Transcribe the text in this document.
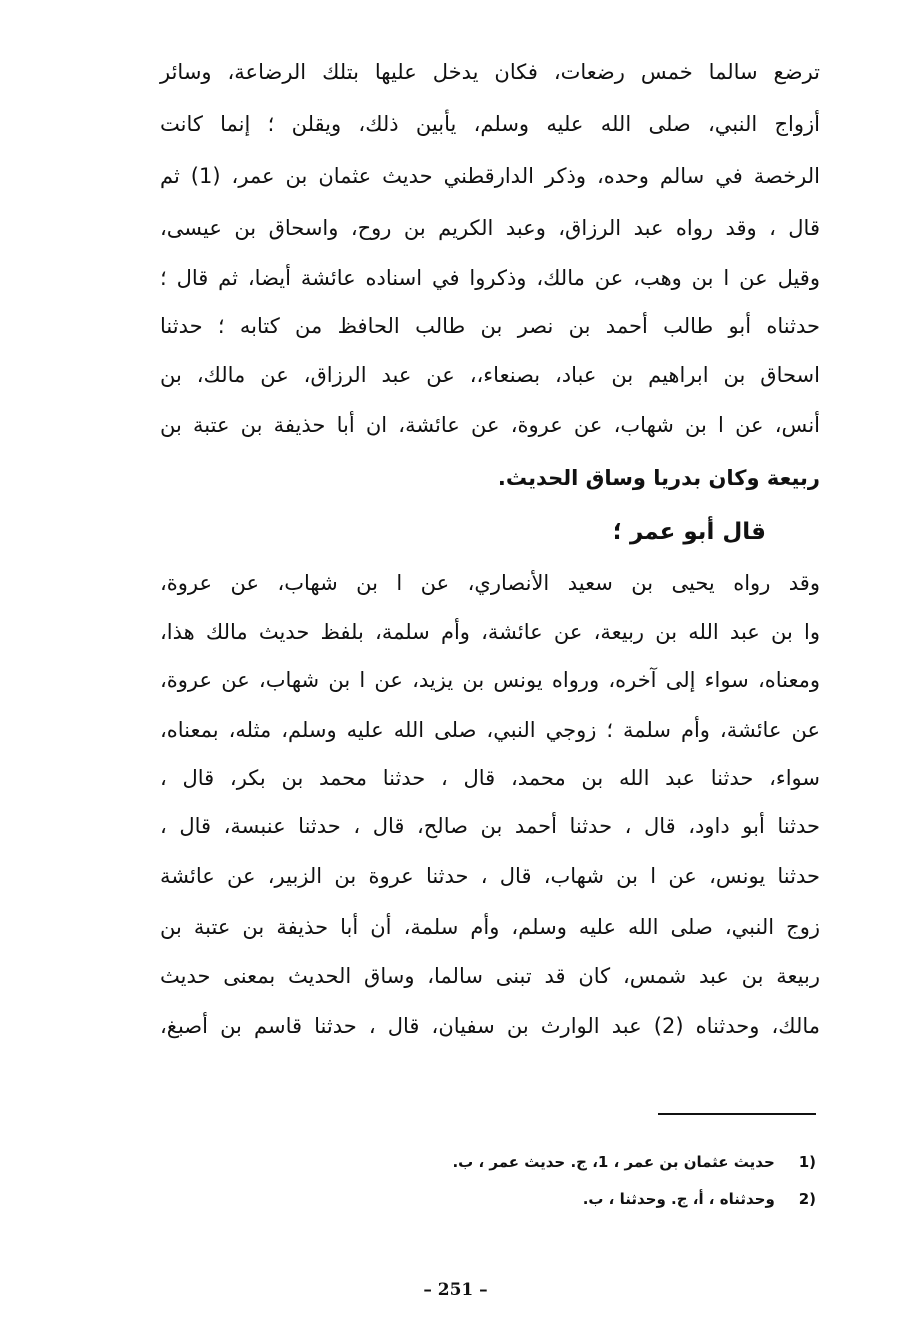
ترضع سالما خمس رضعات، فكان يدخل عليها بتلك الرضاعة، وسائر
أزواج النبي، صلى الله عليه وسلم، يأبين ذلك، ويقلن ؛ إنما كانت
الرخصة في سالم وحده، وذكر الدارقطني حديث عثمان بن عمر، (1) ثم
قال ، وقد رواه عبد الرزاق، وعبد الكريم بن روح، واسحاق بن عيسى،
وقيل عن ا بن وهب، عن مالك، وذكروا في اسناده عائشة أيضا، ثم قال ؛
حدثناه أبو طالب أحمد بن نصر بن طالب الحافظ من كتابه ؛ حدثنا
اسحاق بن ابراهيم بن عباد، بصنعاء،، عن عبد الرزاق، عن مالك، بن
أنس، عن ا بن شهاب، عن عروة، عن عائشة، ان أبا حذيفة بن عتبة بن
ربيعة وكان بدريا وساق الحديث.
قال أبو عمر ؛
وقد رواه يحيى بن سعيد الأنصاري، عن ا بن شهاب، عن عروة،
وا بن عبد الله بن ربيعة، عن عائشة، وأم سلمة، بلفظ حديث مالك هذا،
ومعناه، سواء إلى آخره، ورواه يونس بن يزيد، عن ا بن شهاب، عن عروة،
عن عائشة، وأم سلمة ؛ زوجي النبي، صلى الله عليه وسلم، مثله، بمعناه،
سواء، حدثنا عبد الله بن محمد، قال ، حدثنا محمد بن بكر، قال ،
حدثنا أبو داود، قال ، حدثنا أحمد بن صالح، قال ، حدثنا عنبسة، قال ،
حدثنا يونس، عن ا بن شهاب، قال ، حدثنا عروة بن الزبير، عن عائشة
زوج النبي، صلى الله عليه وسلم، وأم سلمة، أن أبا حذيفة بن عتبة بن
ربيعة بن عبد شمس، كان قد تبنى سالما، وساق الحديث بمعنى حديث
مالك، وحدثناه (2) عبد الوارث بن سفيان، قال ، حدثنا قاسم بن أصبغ،
(1 حديث عثمان بن عمر ، 1، ج. حديث عمر ، ب.
(2 وحدثناه ، أ، ج. وحدثنا ، ب.
– 251 –
